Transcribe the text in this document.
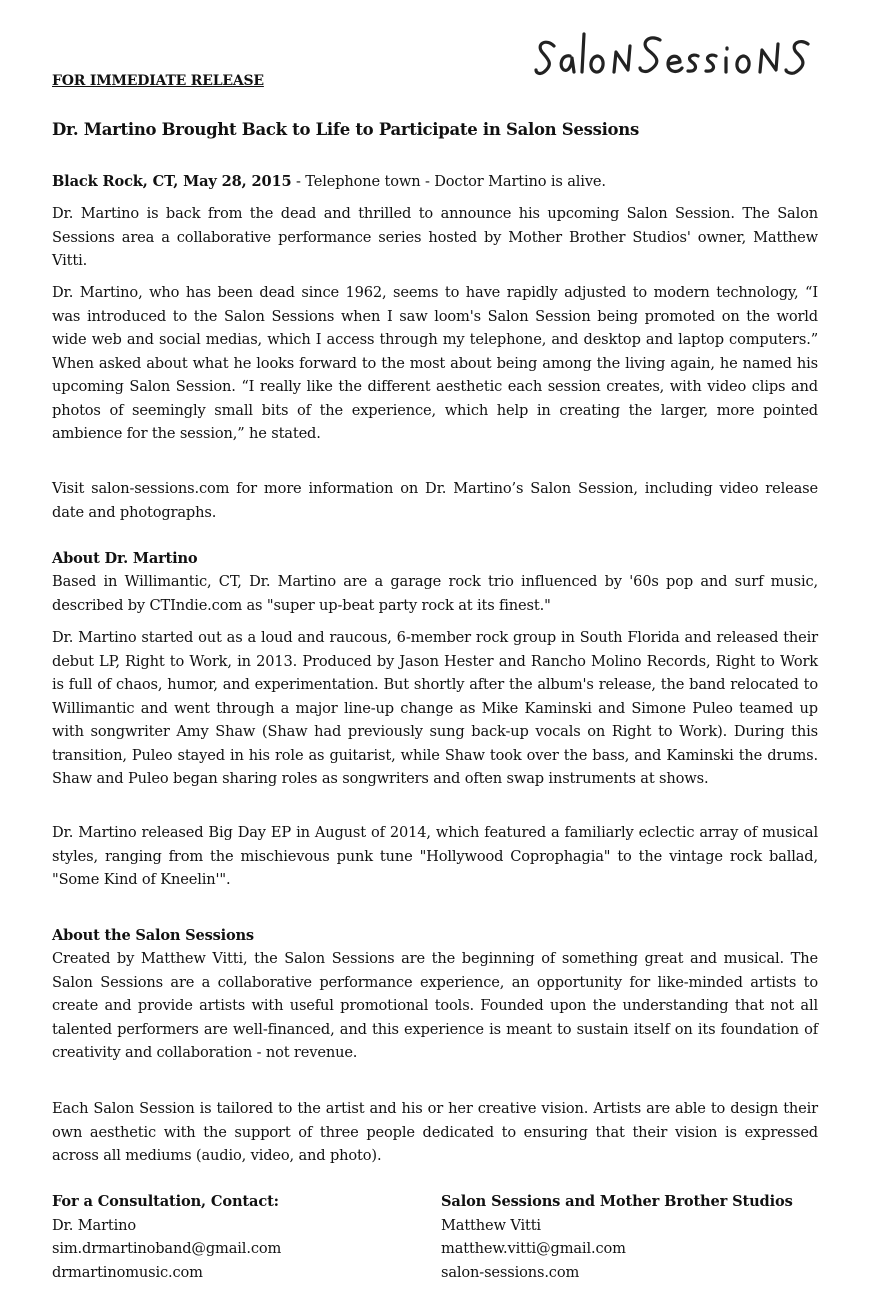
Salon Sessions

FOR IMMEDIATE RELEASE

Dr. Martino Brought Back to Life to Participate in Salon Sessions

Black Rock, CT, May 28, 2015 - Telephone town - Doctor Martino is alive.

Dr. Martino is back from the dead and thrilled to announce his upcoming Salon Session. The Salon Sessions area a collaborative performance series hosted by Mother Brother Studios' owner, Matthew Vitti.

Dr. Martino, who has been dead since 1962, seems to have rapidly adjusted to modern technology, “I was introduced to the Salon Sessions when I saw loom's Salon Session being promoted on the world wide web and social medias, which I access through my telephone, and desktop and laptop computers.” When asked about what he looks forward to the most about being among the living again, he named his upcoming Salon Session. “I really like the different aesthetic each session creates, with video clips and photos of seemingly small bits of the experience, which help in creating the larger, more pointed ambience for the session,” he stated.

Visit salon-sessions.com for more information on Dr. Martino’s Salon Session, including video release date and photographs.

About Dr. Martino

Based in Willimantic, CT, Dr. Martino are a garage rock trio influenced by '60s pop and surf music, described by CTIndie.com as "super up-beat party rock at its finest."

Dr. Martino started out as a loud and raucous, 6-member rock group in South Florida and released their debut LP, Right to Work, in 2013. Produced by Jason Hester and Rancho Molino Records, Right to Work is full of chaos, humor, and experimentation. But shortly after the album's release, the band relocated to Willimantic and went through a major line-up change as Mike Kaminski and Simone Puleo teamed up with songwriter Amy Shaw (Shaw had previously sung back-up vocals on Right to Work). During this transition, Puleo stayed in his role as guitarist, while Shaw took over the bass, and Kaminski the drums. Shaw and Puleo began sharing roles as songwriters and often swap instruments at shows.

Dr. Martino released Big Day EP in August of 2014, which featured a familiarly eclectic array of musical styles, ranging from the mischievous punk tune "Hollywood Coprophagia" to the vintage rock ballad, "Some Kind of Kneelin'".

About the Salon Sessions

Created by Matthew Vitti, the Salon Sessions are the beginning of something great and musical. The Salon Sessions are a collaborative performance experience, an opportunity for like-minded artists to create and provide artists with useful promotional tools. Founded upon the understanding that not all talented performers are well-financed, and this experience is meant to sustain itself on its foundation of creativity and collaboration - not revenue.

Each Salon Session is tailored to the artist and his or her creative vision. Artists are able to design their own aesthetic with the support of three people dedicated to ensuring that their vision is expressed across all mediums (audio, video, and photo).

For a Consultation, Contact:
Dr. Martino
sim.drmartinoband@gmail.com
drmartinomusic.com
Salon Sessions and Mother Brother Studios
Matthew Vitti
matthew.vitti@gmail.com
salon-sessions.com
